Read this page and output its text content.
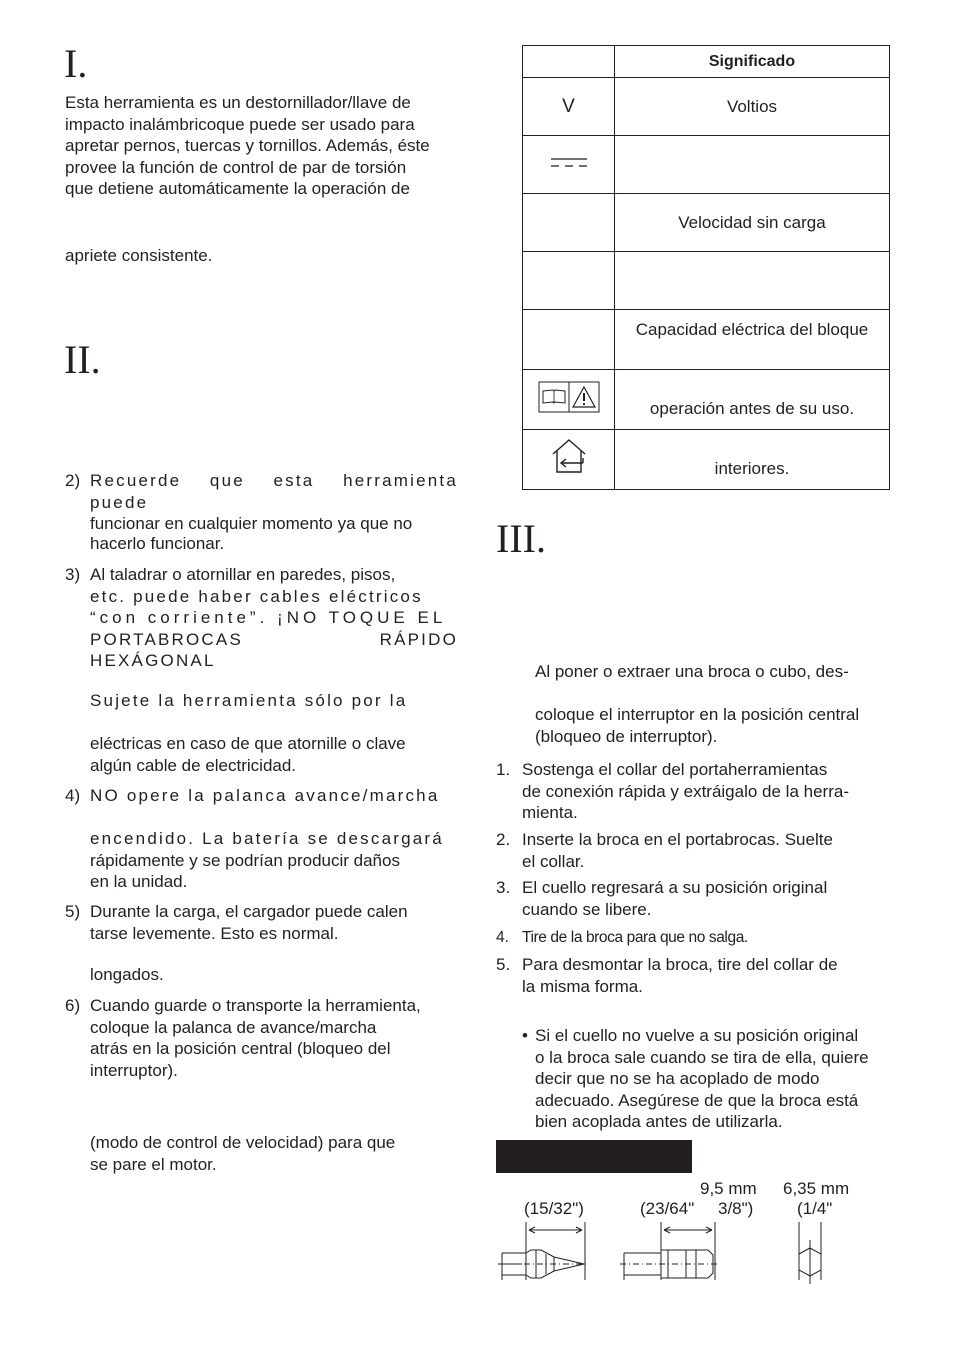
I.
Esta herramienta es un destornillador/llave de
impacto inalámbricoque puede ser usado para
apretar pernos, tuercas y tornillos. Además, éste
provee la función de control de par de torsión
que detiene automáticamente la operación de
apriete consistente.
II.
2) Recuerde que esta herramienta puede
funcionar en cualquier momento ya que no
hacerlo funcionar.
3) Al taladrar o atornillar en paredes, pisos,
etc. puede haber cables eléctricos
“con corriente”. ¡NO TOQUE EL
PORTABROCAS RÁPIDO HEXÁGONAL
Sujete la herramienta sólo por la
eléctricas en caso de que atornille o clave
algún cable de electricidad.
4) NO opere la palanca avance/marcha
encendido. La batería se descargará
rápidamente y se podrían producir daños
en la unidad.
5) Durante la carga, el cargador puede calen
tarse levemente. Esto es normal.
longados.
6) Cuando guarde o transporte la herramienta,
coloque la palanca de avance/marcha
atrás en la posición central (bloqueo del
interruptor).
(modo de control de velocidad) para que
se pare el motor.
	Significado
V	Voltios

	Velocidad sin carga

	Capacidad eléctrica del bloque
	operación antes de su uso.
	interiores.
III.
Al poner o extraer una broca o cubo, des-
coloque el interruptor en la posición central
(bloqueo de interruptor).
1. Sostenga el collar del portaherramientas
de conexión rápida y extráigalo de la herra-
mienta.
2. Inserte la broca en el portabrocas. Suelte
el collar.
3. El cuello regresará a su posición original
cuando se libere.
4. Tire de la broca para que no salga.
5. Para desmontar la broca, tire del collar de
la misma forma.
• Si el cuello no vuelve a su posición original
o la broca sale cuando se tira de ella, quiere
decir que no se ha acoplado de modo
adecuado. Asegúrese de que la broca está
bien acoplada antes de utilizarla.
9,5 mm 6,35 mm
(15/32")	(23/64" 3/8")	(1/4"
